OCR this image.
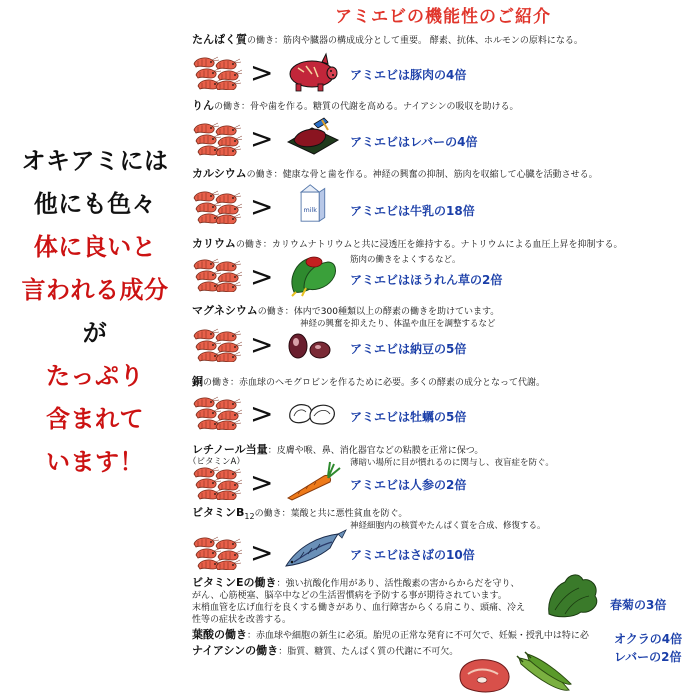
オキアミには
他にも色々
体に良いと
言われる成分
が
たっぷり
含まれて
います！
アミエビの機能性のご紹介
たんぱく質の働き：筋肉や臓器の構成成分として重要。 酵素、抗体、ホルモンの原料になる。
>	アミエビは豚肉の4倍
りんの働き：骨や歯を作る。糖質の代謝を高める。ナイアシンの吸収を助ける。
>	アミエビはレバーの4倍
カルシウムの働き：健康な骨と歯を作る。神経の興奮の抑制、筋肉を収縮して心臓を活動させる。
>	milk	アミエビは牛乳の18倍
カリウムの働き：カリウムナトリウムと共に浸透圧を維持する。ナトリウムによる血圧上昇を抑制する。
筋肉の働きをよくするなど。
>	アミエビはほうれん草の2倍
マグネシウムの働き：体内で300種類以上の酵素の働きを助けています。
神経の興奮を抑えたり、体温や血圧を調整するなど
>	アミエビは納豆の5倍
銅の働き：赤血球のヘモグロビンを作るために必要。多くの酵素の成分となって代謝。
>	アミエビは牡蠣の5倍
レチノール当量：皮膚や喉、鼻、消化器官などの粘膜を正常に保つ。
（ビタミンA）	薄暗い場所に目が慣れるのに関与し、夜盲症を防ぐ。
>	アミエビは人参の2倍
ビタミン$B_{12}$の働き：葉酸と共に悪性貧血を防ぐ。
神経細胞内の核質やたんぱく質を合成、修復する。
>	アミエビはさばの10倍
ビタミンEの働き：強い抗酸化作用があり、活性酸素の害からからだを守り、
がん、心筋梗塞、脳卒中などの生活習慣病を予防する事が期待されています。
末梢血管を広げ血行を良くする働きがあり、血行障害からくる肩こり、頭痛、冷え
性等の症状を改善する。
春菊の3倍
葉酸の働き：赤血球や細胞の新生に必須。胎児の正常な発育に不可欠で、妊娠・授乳中は特に必 オクラの4倍
ナイアシンの働き：脂質、糖質、たんぱく質の代謝に不可欠。	レバーの2倍
